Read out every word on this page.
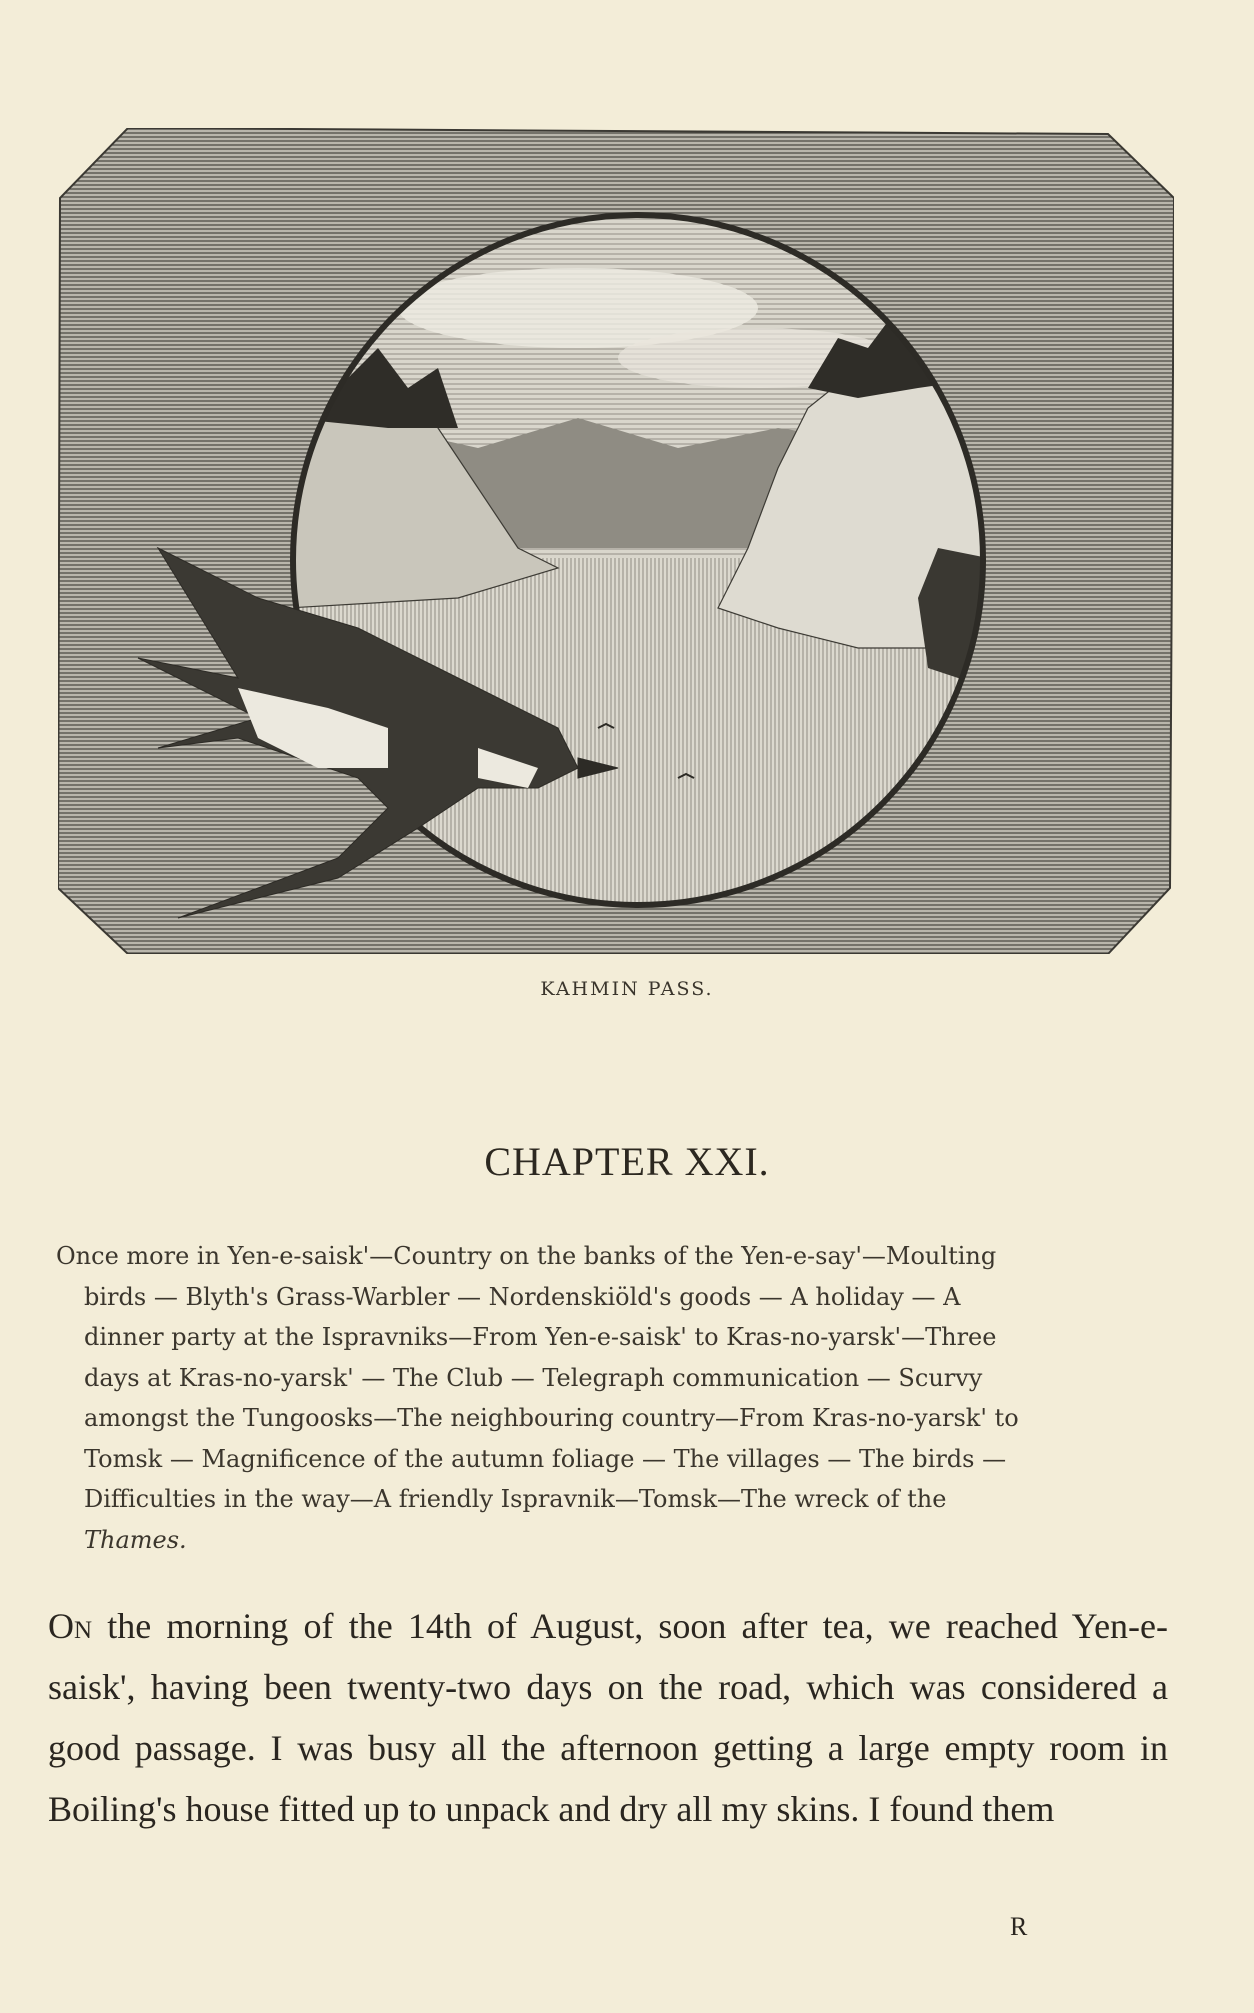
KAHMIN PASS.
CHAPTER XXI.
Once more in Yen-e-saisk'—Country on the banks of the Yen-e-say'—Moulting
birds — Blyth's Grass-Warbler — Nordenskiöld's goods — A holiday — A
dinner party at the Ispravniks—From Yen-e-saisk' to Kras-no-yarsk'—Three
days at Kras-no-yarsk' — The Club — Telegraph communication — Scurvy
amongst the Tungoosks—The neighbouring country—From Kras-no-yarsk' to
Tomsk — Magnificence of the autumn foliage — The villages — The birds —
Difficulties in the way—A friendly Ispravnik—Tomsk—The wreck of the
Thames.
On the morning of the 14th of August, soon after tea, we reached Yen-e-saisk', having been twenty-two days on the road, which was considered a good passage. I was busy all the afternoon getting a large empty room in Boiling's house fitted up to unpack and dry all my skins. I found them
R
